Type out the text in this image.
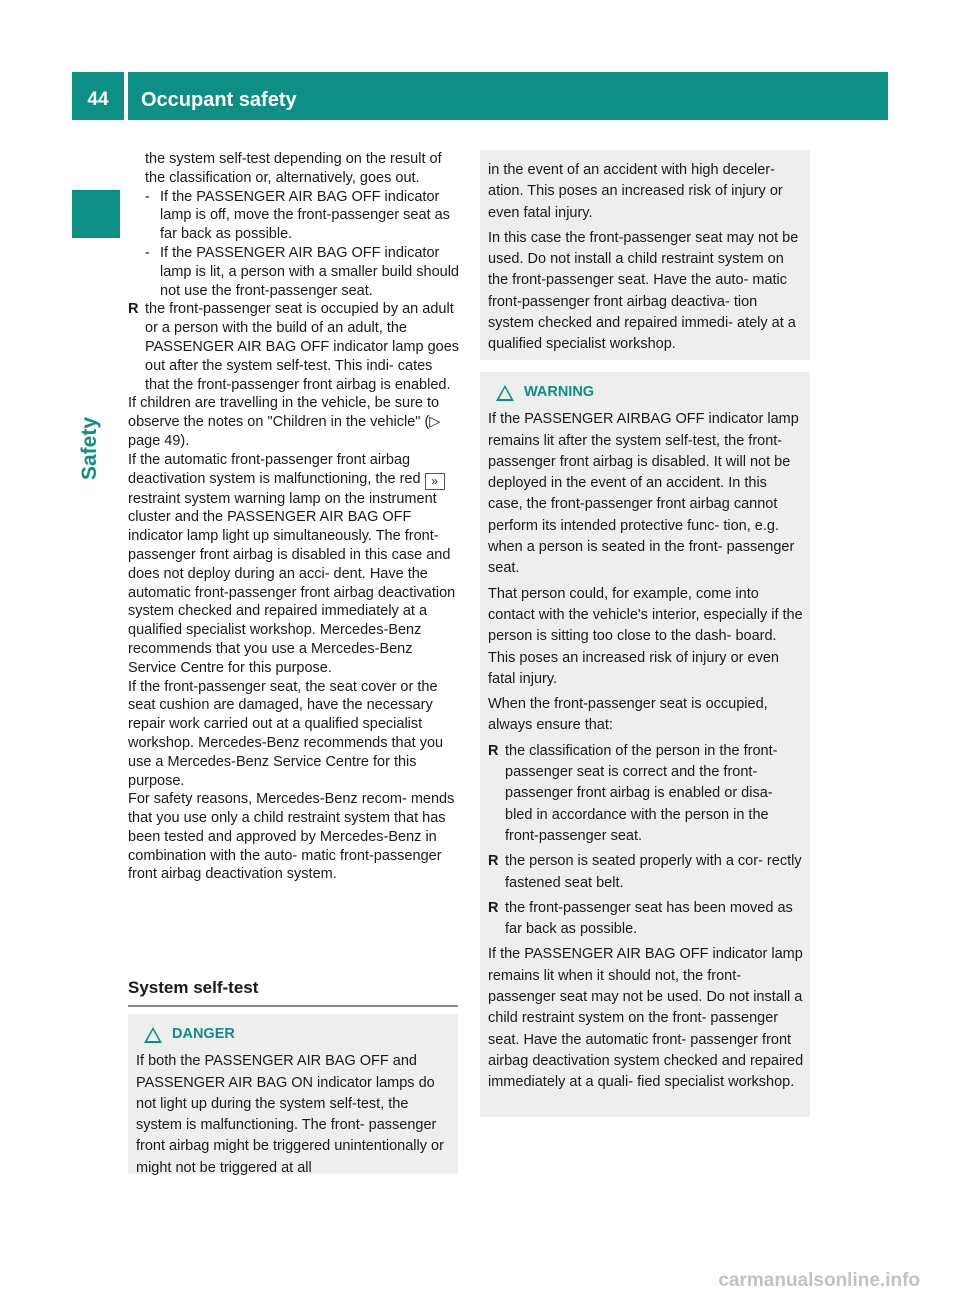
44	Occupant safety
Safety

the system self-test depending on the result of the classification or, alternatively, goes out.

- If the PASSENGER AIR BAG OFF indicator lamp is off, move the front-passenger seat as far back as possible.

- If the PASSENGER AIR BAG OFF indicator lamp is lit, a person with a smaller build should not use the front-passenger seat.

R the front-passenger seat is occupied by an adult or a person with the build of an adult, the PASSENGER AIR BAG OFF indicator lamp goes out after the system self-test. This indi- cates that the front-passenger front airbag is enabled.

If children are travelling in the vehicle, be sure to observe the notes on "Children in the vehicle" (▷ page 49).

If the automatic front-passenger front airbag deactivation system is malfunctioning, the red »restraint system warning lamp on the instrument cluster and the PASSENGER AIR BAG OFF indicator lamp light up simultaneously. The front-passenger front airbag is disabled in this case and does not deploy during an acci- dent. Have the automatic front-passenger front airbag deactivation system checked and repaired immediately at a qualified specialist workshop. Mercedes-Benz recommends that you use a Mercedes-Benz Service Centre for this purpose.

If the front-passenger seat, the seat cover or the seat cushion are damaged, have the necessary repair work carried out at a qualified specialist workshop. Mercedes-Benz recommends that you use a Mercedes-Benz Service Centre for this purpose.

For safety reasons, Mercedes-Benz recom- mends that you use only a child restraint system that has been tested and approved by Mercedes-Benz in combination with the auto- matic front-passenger front airbag deactivation system.

System self-test
DANGER

If both the PASSENGER AIR BAG OFF and PASSENGER AIR BAG ON indicator lamps do not light up during the system self-test, the system is malfunctioning. The front- passenger front airbag might be triggered unintentionally or might not be triggered at all

in the event of an accident with high deceler- ation. This poses an increased risk of injury or even fatal injury.

In this case the front-passenger seat may not be used. Do not install a child restraint system on the front-passenger seat. Have the auto- matic front-passenger front airbag deactiva- tion system checked and repaired immedi- ately at a qualified specialist workshop.

WARNING

If the PASSENGER AIRBAG OFF indicator lamp remains lit after the system self-test, the front-passenger front airbag is disabled. It will not be deployed in the event of an accident. In this case, the front-passenger front airbag cannot perform its intended protective func- tion, e.g. when a person is seated in the front- passenger seat.

That person could, for example, come into contact with the vehicle's interior, especially if the person is sitting too close to the dash- board. This poses an increased risk of injury or even fatal injury.

When the front-passenger seat is occupied, always ensure that:

R the classification of the person in the front- passenger seat is correct and the front- passenger front airbag is enabled or disa- bled in accordance with the person in the front-passenger seat.
R the person is seated properly with a cor- rectly fastened seat belt.
R the front-passenger seat has been moved as far back as possible.

If the PASSENGER AIR BAG OFF indicator lamp remains lit when it should not, the front- passenger seat may not be used. Do not install a child restraint system on the front- passenger seat. Have the automatic front- passenger front airbag deactivation system checked and repaired immediately at a quali- fied specialist workshop.

carmanualsonline.info
